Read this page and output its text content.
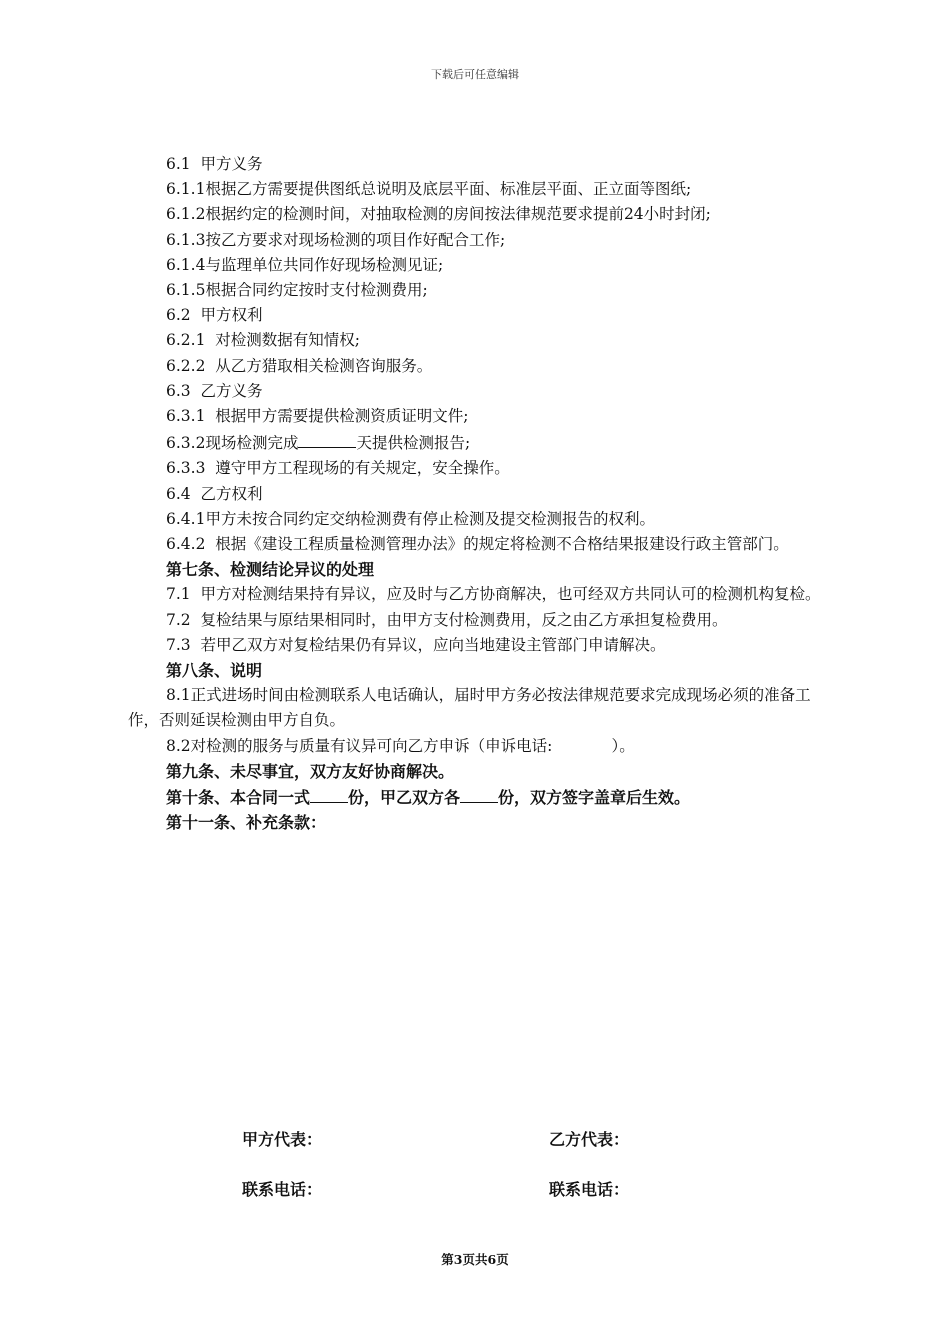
下载后可任意编辑

6.1  甲方义务

6.1.1根据乙方需要提供图纸总说明及底层平面、标准层平面、正立面等图纸;

6.1.2根据约定的检测时间，对抽取检测的房间按法律规范要求提前24小时封闭;

6.1.3按乙方要求对现场检测的项目作好配合工作;

6.1.4与监理单位共同作好现场检测见证;

6.1.5根据合同约定按时支付检测费用;

6.2  甲方权利

6.2.1  对检测数据有知情权;

6.2.2  从乙方猎取相关检测咨询服务。

6.3  乙方义务

6.3.1  根据甲方需要提供检测资质证明文件;

6.3.2现场检测完成	天提供检测报告;

6.3.3  遵守甲方工程现场的有关规定，安全操作。

6.4  乙方权利

6.4.1甲方未按合同约定交纳检测费有停止检测及提交检测报告的权利。

6.4.2  根据《建设工程质量检测管理办法》的规定将检测不合格结果报建设行政主管部门。

第七条、检测结论异议的处理

7.1  甲方对检测结果持有异议，应及时与乙方协商解决，也可经双方共同认可的检测机构复检。

7.2  复检结果与原结果相同时，由甲方支付检测费用，反之由乙方承担复检费用。

7.3  若甲乙双方对复检结果仍有异议，应向当地建设主管部门申请解决。

第八条、说明

8.1正式进场时间由检测联系人电话确认，届时甲方务必按法律规范要求完成现场必须的准备工作，否则延误检测由甲方自负。

8.2对检测的服务与质量有议异可向乙方申诉（申诉电话:            ）。

第九条、未尽事宜，双方友好协商解决。

第十条、本合同一式 份，甲乙双方各 份，双方签字盖章后生效。

第十一条、补充条款：

甲方代表：	乙方代表：
联系电话：	联系电话：
第3页共6页
